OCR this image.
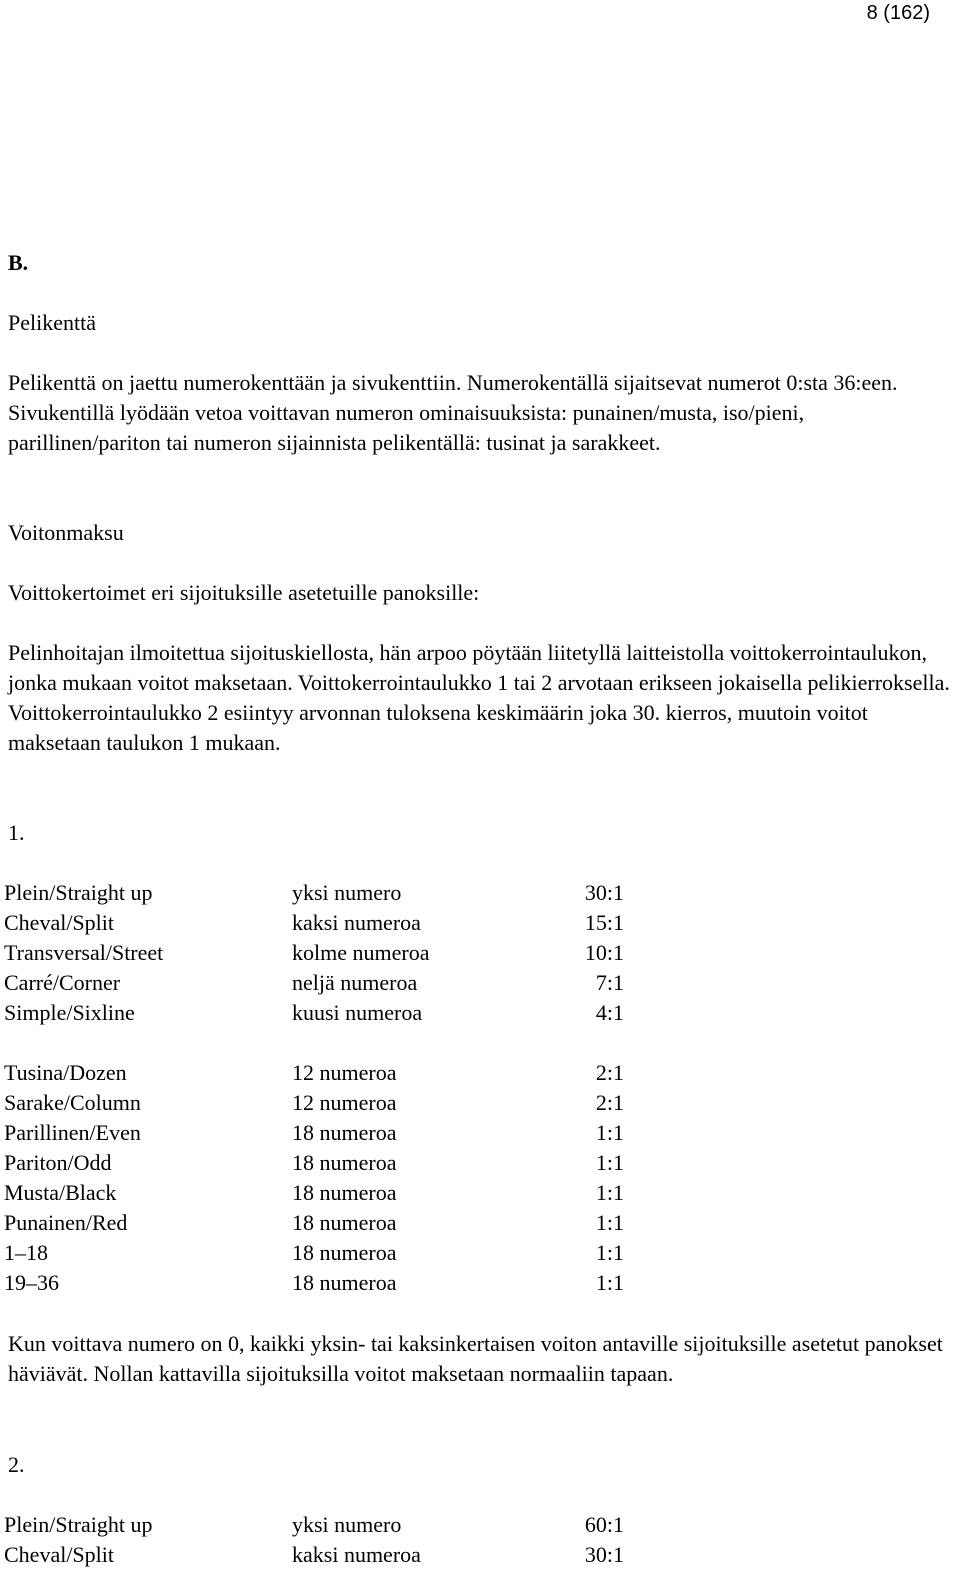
8 (162)
B.
Pelikenttä
Pelikenttä on jaettu numerokenttään ja sivukenttiin. Numerokentällä sijaitsevat numerot 0:sta 36:een. Sivukentillä lyödään vetoa voittavan numeron ominaisuuksista: punainen/musta, iso/pieni, parillinen/pariton tai numeron sijainnista pelikentällä: tusinat ja sarakkeet.
Voitonmaksu
Voittokertoimet eri sijoituksille asetetuille panoksille:
Pelinhoitajan ilmoitettua sijoituskiellosta, hän arpoo pöytään liitetyllä laitteistolla voittokerrointaulukon, jonka mukaan voitot maksetaan. Voittokerrointaulukko 1 tai 2 arvotaan erikseen jokaisella pelikierroksella. Voittokerrointaulukko 2 esiintyy arvonnan tuloksena keskimäärin joka 30. kierros, muutoin voitot maksetaan taulukon 1 mukaan.
1.
Plein/Straight up	yksi numero	30:1
Cheval/Split	kaksi numeroa	15:1
Transversal/Street	kolme numeroa	10:1
Carré/Corner	neljä numeroa	7:1
Simple/Sixline	kuusi numeroa	4:1
Tusina/Dozen	12 numeroa	2:1
Sarake/Column	12 numeroa	2:1
Parillinen/Even	18 numeroa	1:1
Pariton/Odd	18 numeroa	1:1
Musta/Black	18 numeroa	1:1
Punainen/Red	18 numeroa	1:1
1–18	18 numeroa	1:1
19–36	18 numeroa	1:1
Kun voittava numero on 0, kaikki yksin- tai kaksinkertaisen voiton antaville sijoituksille asetetut panokset häviävät. Nollan kattavilla sijoituksilla voitot maksetaan normaaliin tapaan.
2.
Plein/Straight up	yksi numero	60:1
Cheval/Split	kaksi numeroa	30:1
